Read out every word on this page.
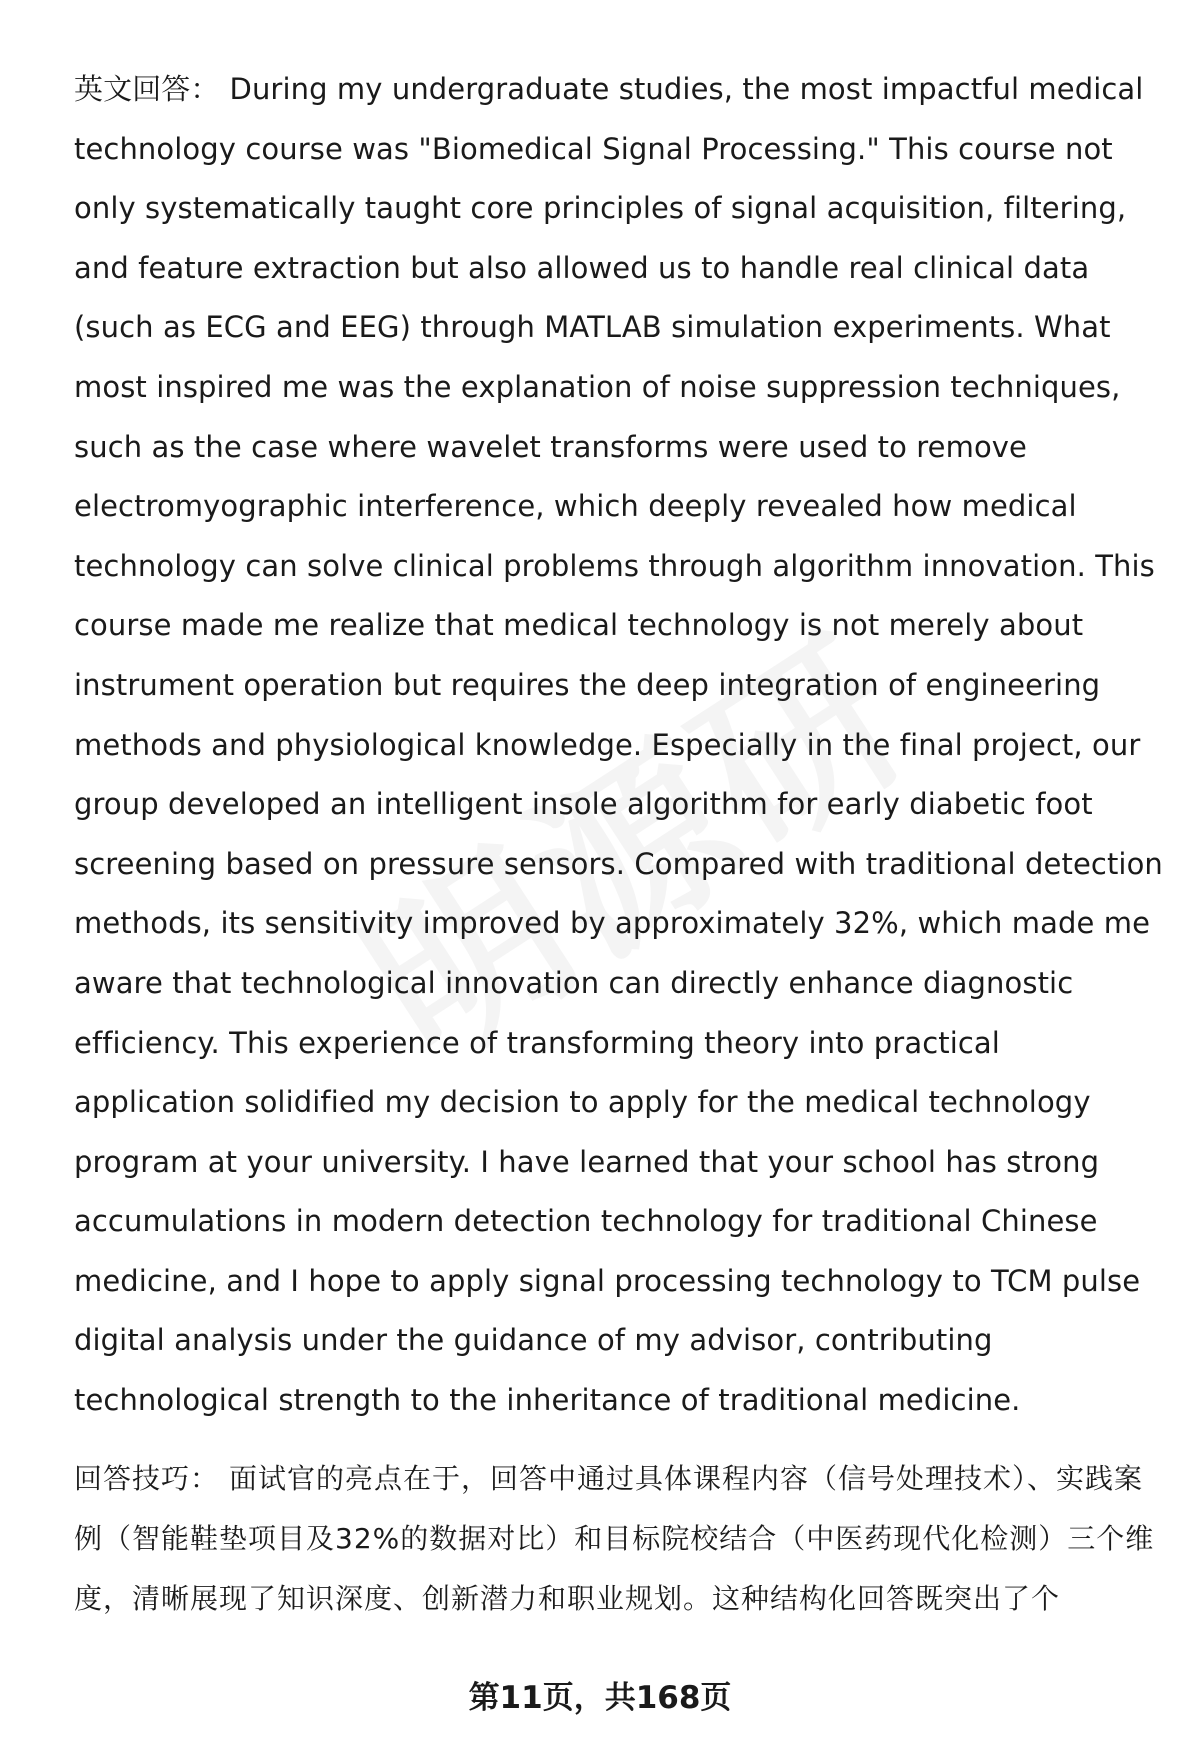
英文回答： During my undergraduate studies, the most impactful medical technology course was "Biomedical Signal Processing." This course not only systematically taught core principles of signal acquisition, filtering, and feature extraction but also allowed us to handle real clinical data (such as ECG and EEG) through MATLAB simulation experiments. What most inspired me was the explanation of noise suppression techniques, such as the case where wavelet transforms were used to remove electromyographic interference, which deeply revealed how medical technology can solve clinical problems through algorithm innovation. This course made me realize that medical technology is not merely about instrument operation but requires the deep integration of engineering methods and physiological knowledge. Especially in the final project, our group developed an intelligent insole algorithm for early diabetic foot screening based on pressure sensors. Compared with traditional detection methods, its sensitivity improved by approximately 32%, which made me aware that technological innovation can directly enhance diagnostic efficiency. This experience of transforming theory into practical application solidified my decision to apply for the medical technology program at your university. I have learned that your school has strong accumulations in modern detection technology for traditional Chinese medicine, and I hope to apply signal processing technology to TCM pulse digital analysis under the guidance of my advisor, contributing technological strength to the inheritance of traditional medicine.

回答技巧： 面试官的亮点在于，回答中通过具体课程内容（信号处理技术）、实践案例（智能鞋垫项目及32%的数据对比）和目标院校结合（中医药现代化检测）三个维度，清晰展现了知识深度、创新潜力和职业规划。这种结构化回答既突出了个

第11页，共168页
